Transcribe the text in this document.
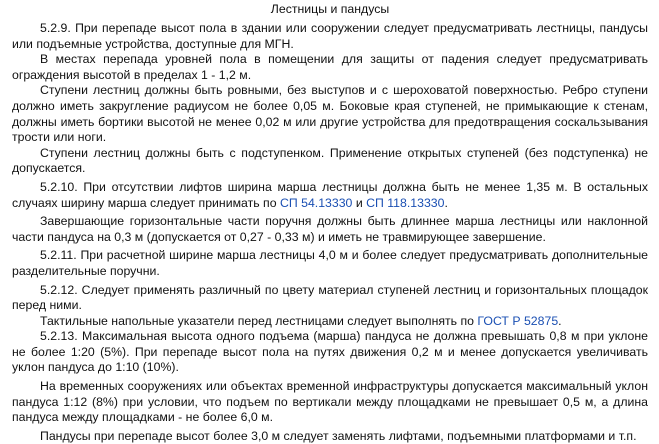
Лестницы и пандусы

5.2.9. При перепаде высот пола в здании или сооружении следует предусматривать лестницы, пандусы или подъемные устройства, доступные для МГН.

В местах перепада уровней пола в помещении для защиты от падения следует предусматривать ограждения высотой в пределах 1 - 1,2 м.

Ступени лестниц должны быть ровными, без выступов и с шероховатой поверхностью. Ребро ступени должно иметь закругление радиусом не более 0,05 м. Боковые края ступеней, не примыкающие к стенам, должны иметь бортики высотой не менее 0,02 м или другие устройства для предотвращения соскальзывания трости или ноги.

Ступени лестниц должны быть с подступенком. Применение открытых ступеней (без подступенка) не допускается.

5.2.10. При отсутствии лифтов ширина марша лестницы должна быть не менее 1,35 м. В остальных случаях ширину марша следует принимать по СП 54.13330 и СП 118.13330.

Завершающие горизонтальные части поручня должны быть длиннее марша лестницы или наклонной части пандуса на 0,3 м (допускается от 0,27 - 0,33 м) и иметь не травмирующее завершение.

5.2.11. При расчетной ширине марша лестницы 4,0 м и более следует предусматривать дополнительные разделительные поручни.

5.2.12. Следует применять различный по цвету материал ступеней лестниц и горизонтальных площадок перед ними.

Тактильные напольные указатели перед лестницами следует выполнять по ГОСТ Р 52875.

5.2.13. Максимальная высота одного подъема (марша) пандуса не должна превышать 0,8 м при уклоне не более 1:20 (5%). При перепаде высот пола на путях движения 0,2 м и менее допускается увеличивать уклон пандуса до 1:10 (10%).

На временных сооружениях или объектах временной инфраструктуры допускается максимальный уклон пандуса 1:12 (8%) при условии, что подъем по вертикали между площадками не превышает 0,5 м, а длина пандуса между площадками - не более 6,0 м.

Пандусы при перепаде высот более 3,0 м следует заменять лифтами, подъемными платформами и т.п.
